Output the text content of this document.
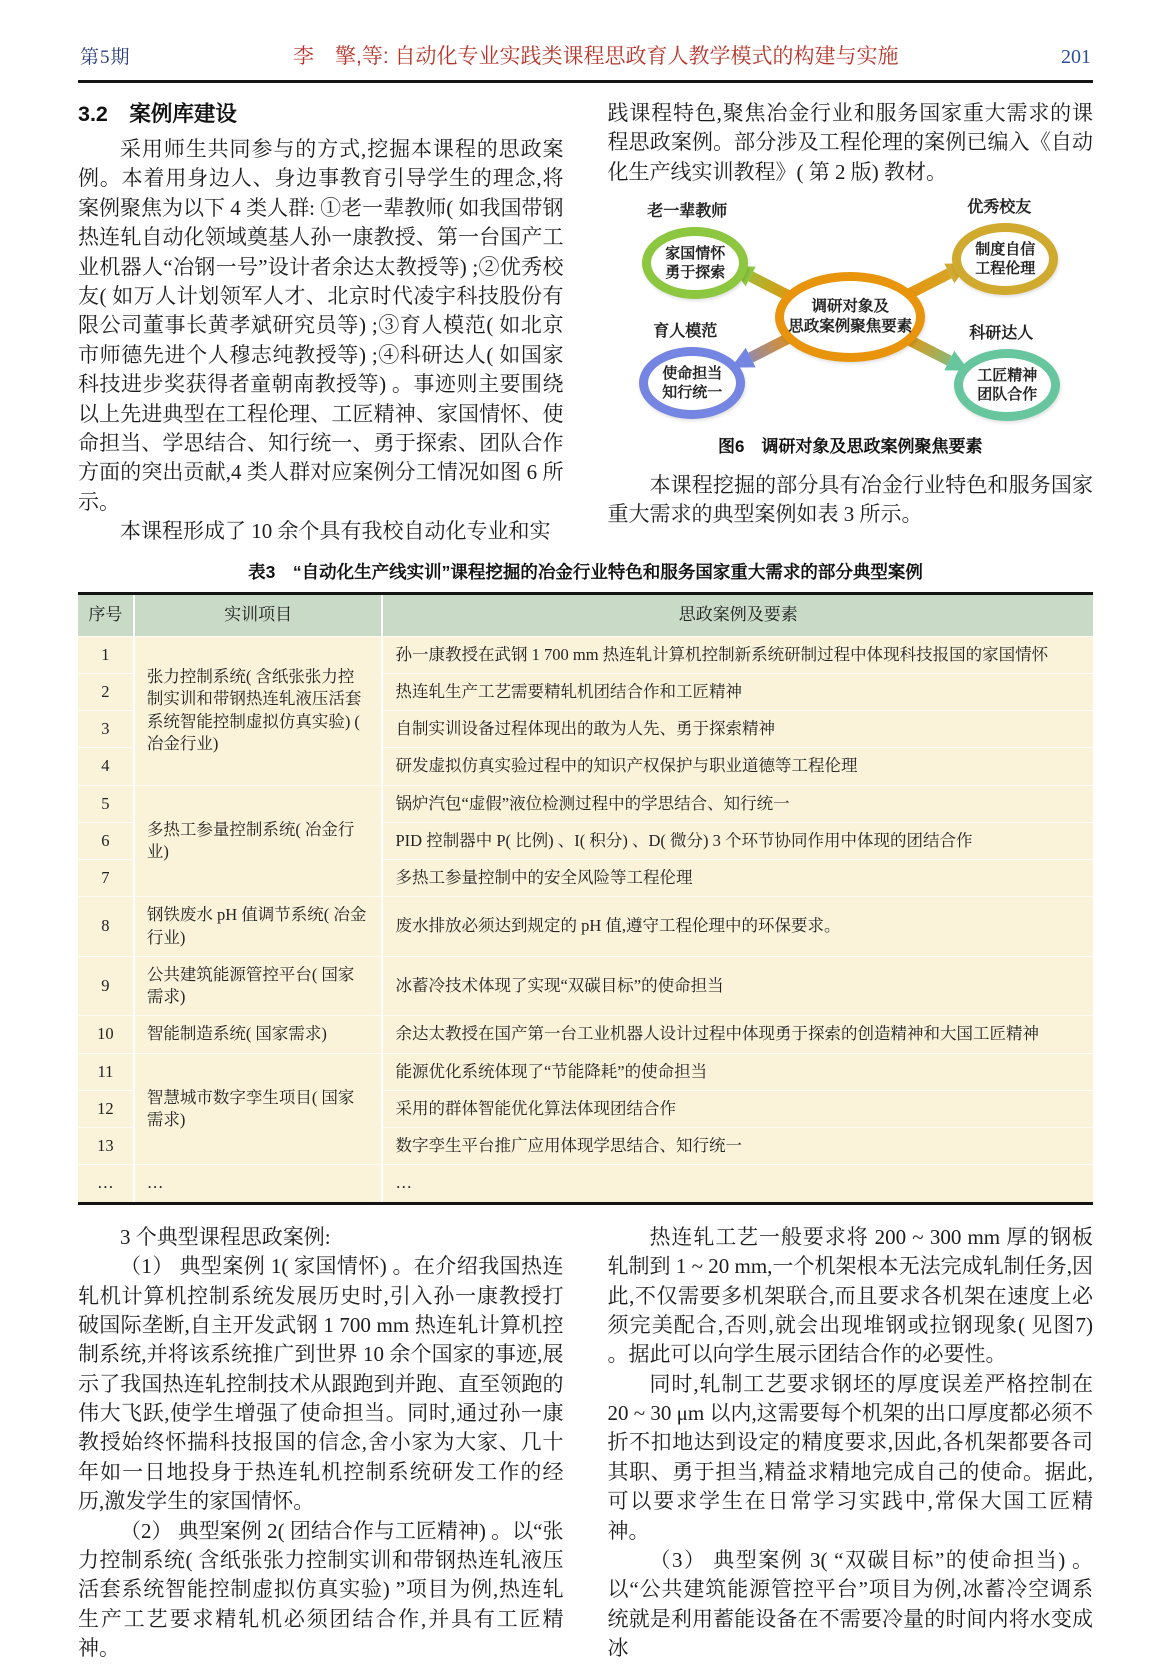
第5期	李　擎,等: 自动化专业实践类课程思政育人教学模式的构建与实施	201
3.2　案例库建设

采用师生共同参与的方式,挖掘本课程的思政案例。本着用身边人、身边事教育引导学生的理念,将案例聚焦为以下 4 类人群: ①老一辈教师( 如我国带钢热连轧自动化领域奠基人孙一康教授、第一台国产工业机器人“冶钢一号”设计者余达太教授等) ;②优秀校友( 如万人计划领军人才、北京时代凌宇科技股份有限公司董事长黄孝斌研究员等) ;③育人模范( 如北京市师德先进个人穆志纯教授等) ;④科研达人( 如国家科技进步奖获得者童朝南教授等) 。事迹则主要围绕以上先进典型在工程伦理、工匠精神、家国情怀、使命担当、学思结合、知行统一、勇于探索、团队合作方面的突出贡献,4 类人群对应案例分工情况如图 6 所示。

本课程形成了 10 余个具有我校自动化专业和实

践课程特色,聚焦冶金行业和服务国家重大需求的课程思政案例。部分涉及工程伦理的案例已编入《自动化生产线实训教程》( 第 2 版) 教材。

老一辈教师
家国情怀
勇于探索
优秀校友
制度自信
工程伦理
育人模范
使命担当
知行统一
科研达人
工匠精神
团队合作
调研对象及
思政案例聚焦要素
图6　调研对象及思政案例聚焦要素

本课程挖掘的部分具有冶金行业特色和服务国家重大需求的典型案例如表 3 所示。

表3　“自动化生产线实训”课程挖掘的冶金行业特色和服务国家重大需求的部分典型案例
序号	实训项目	思政案例及要素
1	张力控制系统( 含纸张张力控制实训和带钢热连轧液压活套系统智能控制虚拟仿真实验) ( 冶金行业)	孙一康教授在武钢 1 700 mm 热连轧计算机控制新系统研制过程中体现科技报国的家国情怀
2		热连轧生产工艺需要精轧机团结合作和工匠精神
3		自制实训设备过程体现出的敢为人先、勇于探索精神
4		研发虚拟仿真实验过程中的知识产权保护与职业道德等工程伦理
5	多热工参量控制系统( 冶金行业)	锅炉汽包“虚假”液位检测过程中的学思结合、知行统一
6		PID 控制器中 P( 比例) 、I( 积分) 、D( 微分) 3 个环节协同作用中体现的团结合作
7		多热工参量控制中的安全风险等工程伦理
8	钢铁废水 pH 值调节系统( 冶金行业)	废水排放必须达到规定的 pH 值,遵守工程伦理中的环保要求。
9	公共建筑能源管控平台( 国家需求)	冰蓄冷技术体现了实现“双碳目标”的使命担当
10	智能制造系统( 国家需求)	余达太教授在国产第一台工业机器人设计过程中体现勇于探索的创造精神和大国工匠精神
11	智慧城市数字孪生项目( 国家需求)	能源优化系统体现了“节能降耗”的使命担当
12		采用的群体智能优化算法体现团结合作
13		数字孪生平台推广应用体现学思结合、知行统一
…	…	…

3 个典型课程思政案例:

（1） 典型案例 1( 家国情怀) 。在介绍我国热连轧机计算机控制系统发展历史时,引入孙一康教授打破国际垄断,自主开发武钢 1 700 mm 热连轧计算机控制系统,并将该系统推广到世界 10 余个国家的事迹,展示了我国热连轧控制技术从跟跑到并跑、直至领跑的伟大飞跃,使学生增强了使命担当。同时,通过孙一康教授始终怀揣科技报国的信念,舍小家为大家、几十年如一日地投身于热连轧机控制系统研发工作的经历,激发学生的家国情怀。

（2） 典型案例 2( 团结合作与工匠精神) 。以“张力控制系统( 含纸张张力控制实训和带钢热连轧液压活套系统智能控制虚拟仿真实验) ”项目为例,热连轧生产工艺要求精轧机必须团结合作,并具有工匠精神。

热连轧工艺一般要求将 200 ~ 300 mm 厚的钢板轧制到 1 ~ 20 mm,一个机架根本无法完成轧制任务,因此,不仅需要多机架联合,而且要求各机架在速度上必须完美配合,否则,就会出现堆钢或拉钢现象( 见图7) 。据此可以向学生展示团结合作的必要性。

同时,轧制工艺要求钢坯的厚度误差严格控制在 20 ~ 30 μm 以内,这需要每个机架的出口厚度都必须不折不扣地达到设定的精度要求,因此,各机架都要各司其职、勇于担当,精益求精地完成自己的使命。据此,可以要求学生在日常学习实践中,常保大国工匠精神。

（3） 典型案例 3( “双碳目标”的使命担当) 。以“公共建筑能源管控平台”项目为例,冰蓄冷空调系统就是利用蓄能设备在不需要冷量的时间内将水变成冰
